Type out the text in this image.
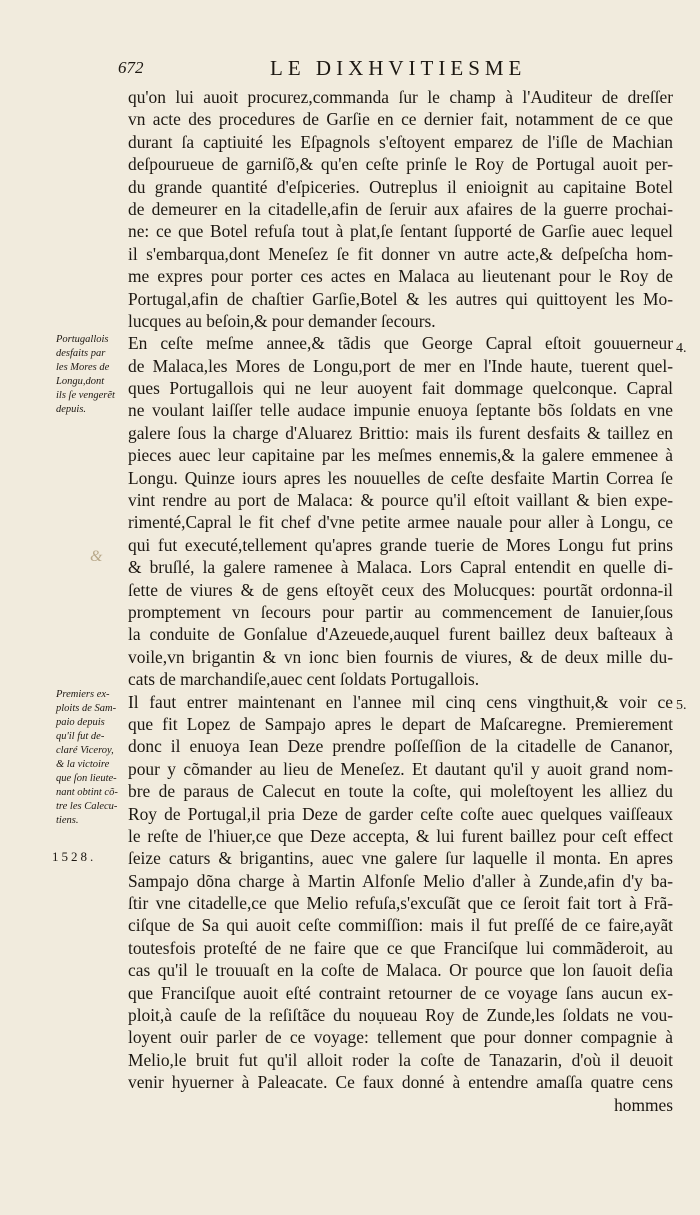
672	LE DIXHVITIESME
qu'on lui auoit procurez,commanda ſur le champ à l'Auditeur de dreſſer
vn acte des procedures de Garſie en ce dernier fait, notamment de ce que
durant ſa captiuité les Eſpagnols s'eſtoyent emparez de l'iſle de Machian
deſpourueue de garniſõ,& qu'en ceſte prinſe le Roy de Portugal auoit per-
du grande quantité d'eſpiceries. Outreplus il enioignit au capitaine Botel
de demeurer en la citadelle,afin de ſeruir aux afaires de la guerre prochai-
ne: ce que Botel refuſa tout à plat,ſe ſentant ſupporté de Garſie auec lequel
il s'embarqua,dont Meneſez ſe fit donner vn autre acte,& deſpeſcha hom-
me expres pour porter ces actes en Malaca au lieutenant pour le Roy de
Portugal,afin de chaſtier Garſie,Botel & les autres qui quittoyent les Mo-
lucques au beſoin,& pour demander ſecours.
En ceſte meſme annee,& tãdis que George Capral eſtoit gouuerneur
de Malaca,les Mores de Longu,port de mer en l'Inde haute, tuerent quel-
ques Portugallois qui ne leur auoyent fait dommage quelconque. Capral
ne voulant laiſſer telle audace impunie enuoya ſeptante bõs ſoldats en vne
galere ſous la charge d'Aluarez Brittio: mais ils furent desfaits & taillez en
pieces auec leur capitaine par les meſmes ennemis,& la galere emmenee à
Longu. Quinze iours apres les nouuelles de ceſte desfaite Martin Correa ſe
vint rendre au port de Malaca: & pource qu'il eſtoit vaillant & bien expe-
rimenté,Capral le fit chef d'vne petite armee nauale pour aller à Longu, ce
qui fut executé,tellement qu'apres grande tuerie de Mores Longu fut prins
& bruſlé, la galere ramenee à Malaca. Lors Capral entendit en quelle di-
ſette de viures & de gens eſtoyẽt ceux des Molucques: pourtãt ordonna-il
promptement vn ſecours pour partir au commencement de Ianuier,ſous
la conduite de Gonſalue d'Azeuede,auquel furent baillez deux baſteaux à
voile,vn brigantin & vn ionc bien fournis de viures, & de deux mille du-
cats de marchandiſe,auec cent ſoldats Portugallois.
Il faut entrer maintenant en l'annee mil cinq cens vingthuit,& voir ce
que fit Lopez de Sampajo apres le depart de Maſcaregne. Premierement
donc il enuoya Iean Deze prendre poſſeſſion de la citadelle de Cananor,
pour y cõmander au lieu de Meneſez. Et dautant qu'il y auoit grand nom-
bre de paraus de Calecut en toute la coſte, qui moleſtoyent les alliez du
Roy de Portugal,il pria Deze de garder ceſte coſte auec quelques vaiſſeaux
le reſte de l'hiuer,ce que Deze accepta, & lui furent baillez pour ceſt effect
ſeize caturs & brigantins, auec vne galere ſur laquelle il monta. En apres
Sampajo dõna charge à Martin Alfonſe Melio d'aller à Zunde,afin d'y ba-
ſtir vne citadelle,ce que Melio refuſa,s'excuſãt que ce ſeroit fait tort à Frã-
ciſque de Sa qui auoit ceſte commiſſion: mais il fut preſſé de ce faire,ayãt
toutesfois proteſté de ne faire que ce que Franciſque lui commãderoit, au
cas qu'il le trouuaſt en la coſte de Malaca. Or pource que lon ſauoit deſia
que Franciſque auoit eſté contraint retourner de ce voyage ſans aucun ex-
ploit,à cauſe de la reſiſtãce du noụueau Roy de Zunde,les ſoldats ne vou-
loyent ouir parler de ce voyage: tellement que pour donner compagnie à
Melio,le bruit fut qu'il alloit roder la coſte de Tanazarin, d'où il deuoit
venir hyuerner à Paleacate. Ce faux donné à entendre amaſſa quatre cens
hommes
Portugallois
desfaits par
les Mores de
Longu,dont
ils ſe vengerẽt
depuis.
Premiers ex-
ploits de Sam-
paio depuis
qu'il fut de-
claré Viceroy,
& la victoire
que ſon lieute-
nant obtint cõ-
tre les Calecu-
tiens.
1528.
4.
5.
&
